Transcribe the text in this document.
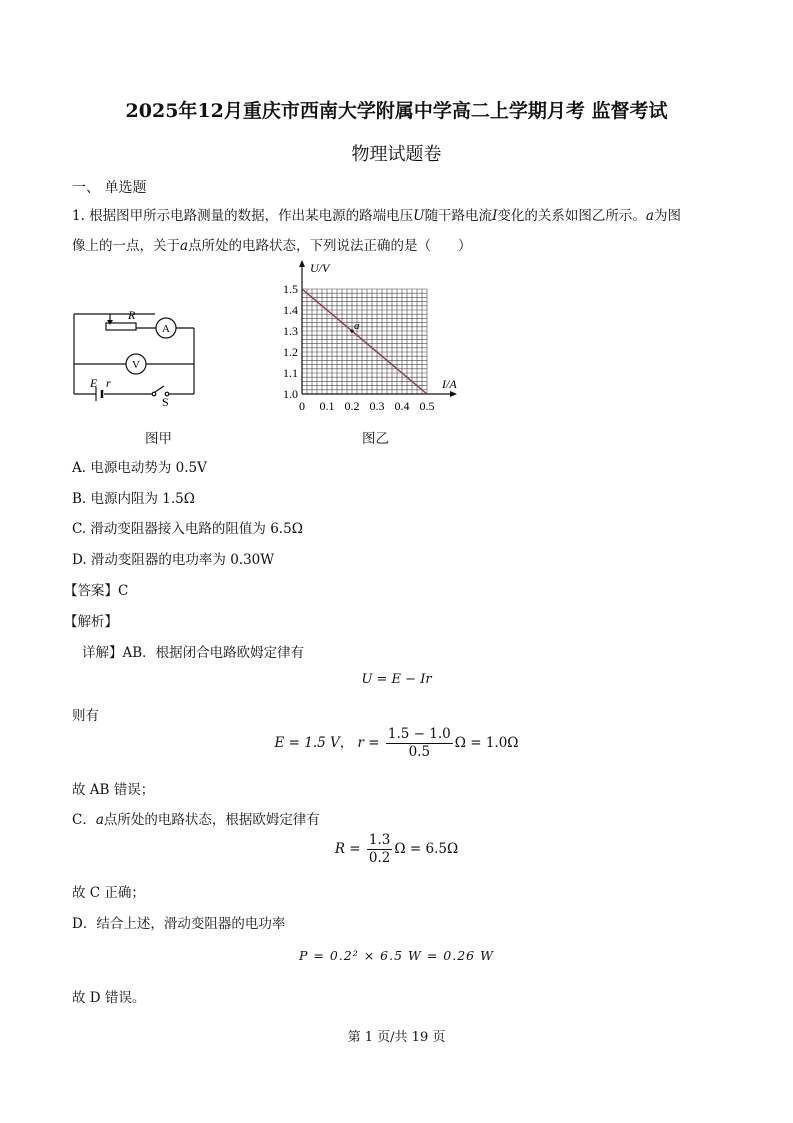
2025年12月重庆市西南大学附属中学高二上学期月考 监督考试
物理试题卷
一、 单选题
1. 根据图甲所示电路测量的数据，作出某电源的路端电压U随干路电流I变化的关系如图乙所示。a为图
像上的一点，关于a点所处的电路状态，下列说法正确的是（　　）
R
A
V
E r
S
图甲
a
1.5
1.4
1.3
1.2
1.1
1.0
0.1 0.2 0.3 0.4 0.5
0
U/V
I/A
图乙
A. 电源电动势为 0.5V
B. 电源内阻为 1.5Ω
C. 滑动变阻器接入电路的阻值为 6.5Ω
D. 滑动变阻器的电功率为 0.30W
【答案】C
【解析】
详解】AB．根据闭合电路欧姆定律有
U = E − Ir
则有
E = 1.5 V， $r = \frac{1.5 - 1.0}{0.5}$ Ω = 1.0Ω
故 AB 错误；
C．a点所处的电路状态，根据欧姆定律有
$R = \frac{1.3}{0.2}$ Ω = 6.5Ω
故 C 正确；
D．结合上述，滑动变阻器的电功率
P = 0.2² × 6.5 W = 0.26 W
故 D 错误。
第 1 页/共 19 页
